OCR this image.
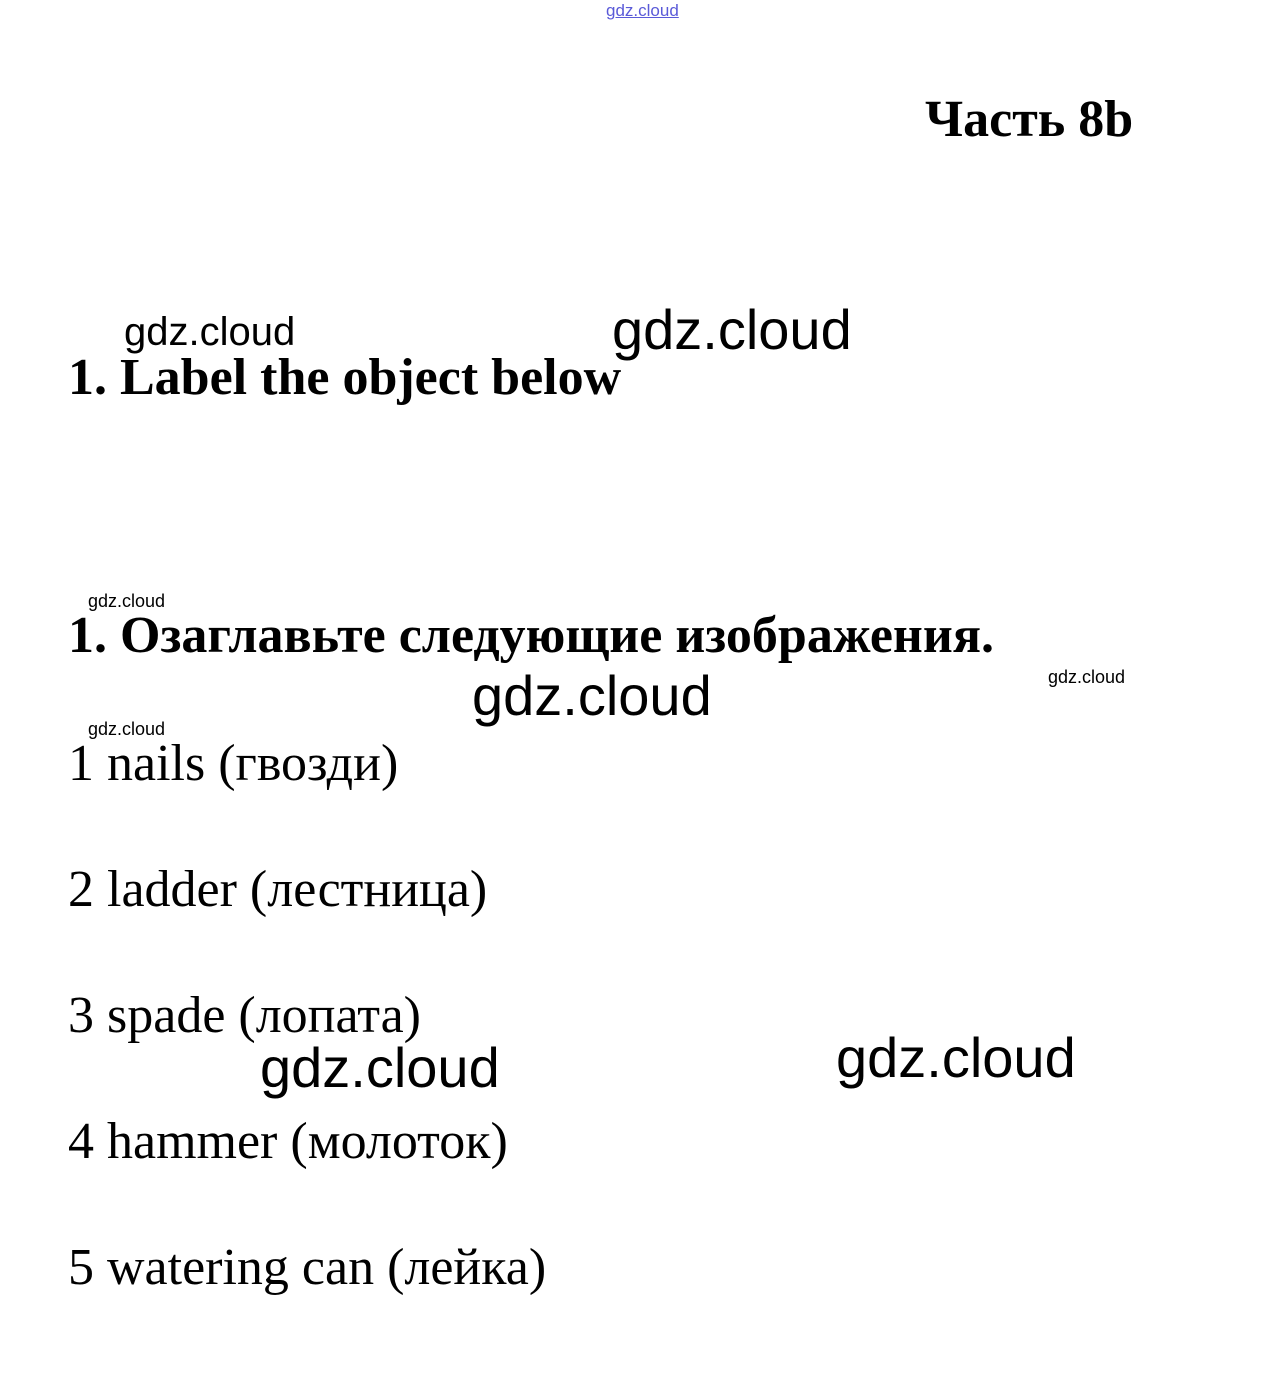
gdz.cloud
Часть 8b
1. Label the object below
1. Озаглавьте следующие изображения.
1 nails (гвозди)
2 ladder (лестница)
3 spade (лопата)
4 hammer (молоток)
5 watering can (лейка)
gdz.cloud	gdz.cloud
gdz.cloud
gdz.cloud	gdz.cloud
gdz.cloud
gdz.cloud	gdz.cloud
